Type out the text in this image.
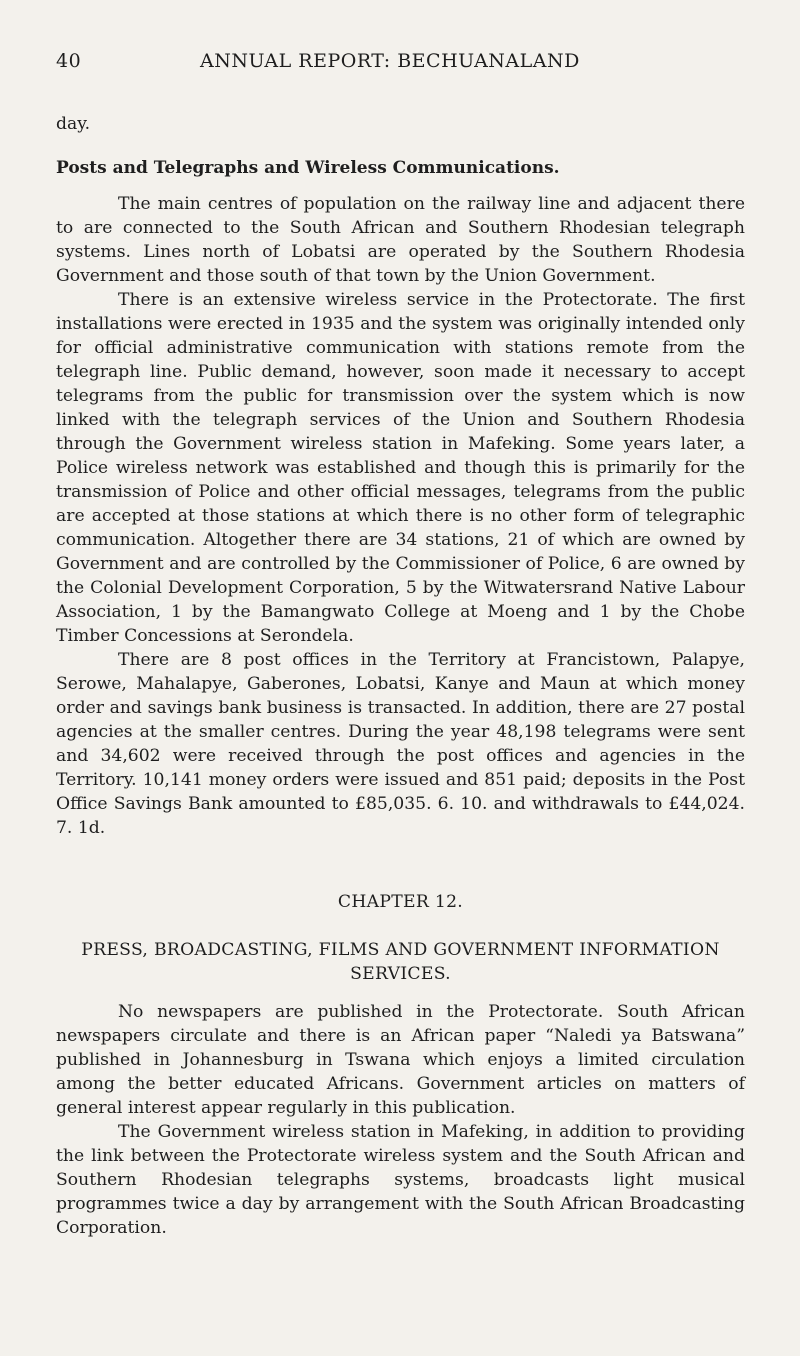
40	ANNUAL REPORT: BECHUANALAND

day.

Posts and Telegraphs and Wireless Communications.

The main centres of population on the railway line and adjacent there to are connected to the South African and Southern Rhodesian telegraph systems. Lines north of Lobatsi are operated by the Southern Rhodesia Government and those south of that town by the Union Government.

There is an extensive wireless service in the Protectorate. The first installations were erected in 1935 and the system was originally intended only for official administrative communication with stations remote from the telegraph line. Public demand, however, soon made it necessary to accept telegrams from the public for transmission over the system which is now linked with the telegraph services of the Union and Southern Rhodesia through the Government wireless station in Mafeking. Some years later, a Police wireless network was established and though this is primarily for the transmission of Police and other official messages, telegrams from the public are accepted at those stations at which there is no other form of telegraphic communication. Altogether there are 34 stations, 21 of which are owned by Government and are controlled by the Commissioner of Police, 6 are owned by the Colonial Development Corporation, 5 by the Witwatersrand Native Labour Association, 1 by the Bamangwato College at Moeng and 1 by the Chobe Timber Concessions at Serondela.

There are 8 post offices in the Territory at Francistown, Palapye, Serowe, Mahalapye, Gaberones, Lobatsi, Kanye and Maun at which money order and savings bank business is transacted. In addition, there are 27 postal agencies at the smaller centres. During the year 48,198 telegrams were sent and 34,602 were received through the post offices and agencies in the Territory. 10,141 money orders were issued and 851 paid; deposits in the Post Office Savings Bank amounted to £85,035. 6. 10. and withdrawals to £44,024. 7. 1d.

CHAPTER 12.

PRESS, BROADCASTING, FILMS AND GOVERNMENT INFORMATION SERVICES.

No newspapers are published in the Protectorate. South African newspapers circulate and there is an African paper “Naledi ya Batswana” published in Johannesburg in Tswana which enjoys a limited circulation among the better educated Africans. Government articles on matters of general interest appear regularly in this publication.

The Government wireless station in Mafeking, in addition to providing the link between the Protectorate wireless system and the South African and Southern Rhodesian telegraphs systems, broadcasts light musical programmes twice a day by arrangement with the South African Broadcasting Corporation.
